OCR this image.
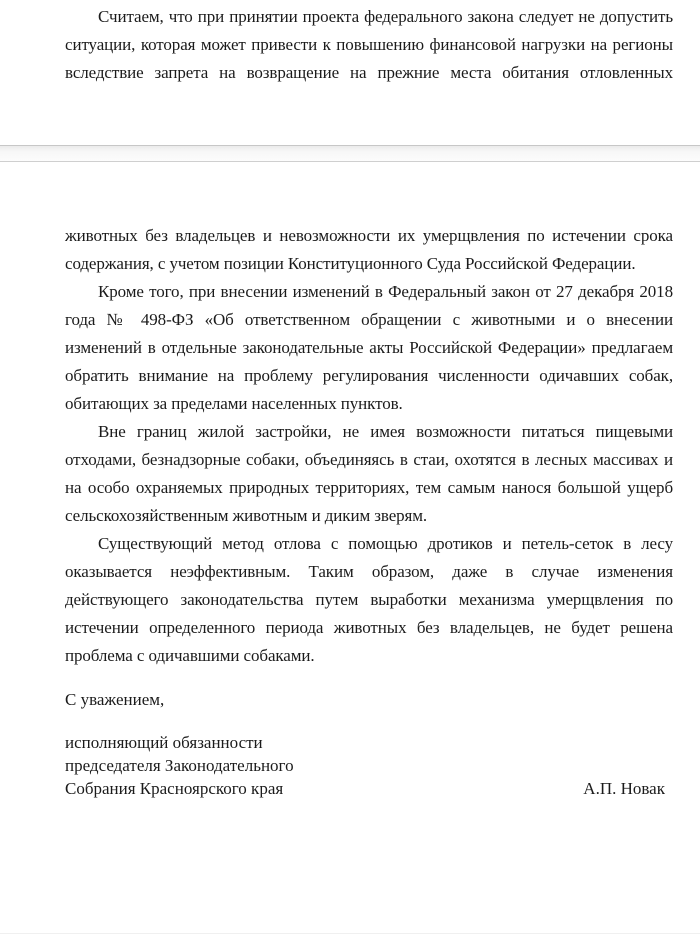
Считаем, что при принятии проекта федерального закона следует не допустить ситуации, которая может привести к повышению финансовой нагрузки на регионы вследствие запрета на возвращение на прежние места обитания отловленных

животных без владельцев и невозможности их умерщвления по истечении срока содержания, с учетом позиции Конституционного Суда Российской Федерации.

Кроме того, при внесении изменений в Федеральный закон от 27 декабря 2018 года № 498-ФЗ «Об ответственном обращении с животными и о внесении изменений в отдельные законодательные акты Российской Федерации» предлагаем обратить внимание на проблему регулирования численности одичавших собак, обитающих за пределами населенных пунктов.

Вне границ жилой застройки, не имея возможности питаться пищевыми отходами, безнадзорные собаки, объединяясь в стаи, охотятся в лесных массивах и на особо охраняемых природных территориях, тем самым нанося большой ущерб сельскохозяйственным животным и диким зверям.

Существующий метод отлова с помощью дротиков и петель-сеток в лесу оказывается неэффективным. Таким образом, даже в случае изменения действующего законодательства путем выработки механизма умерщвления по истечении определенного периода животных без владельцев, не будет решена проблема с одичавшими собаками.

С уважением,

исполняющий обязанности
председателя Законодательного
Собрания Красноярского края	А.П. Новак
